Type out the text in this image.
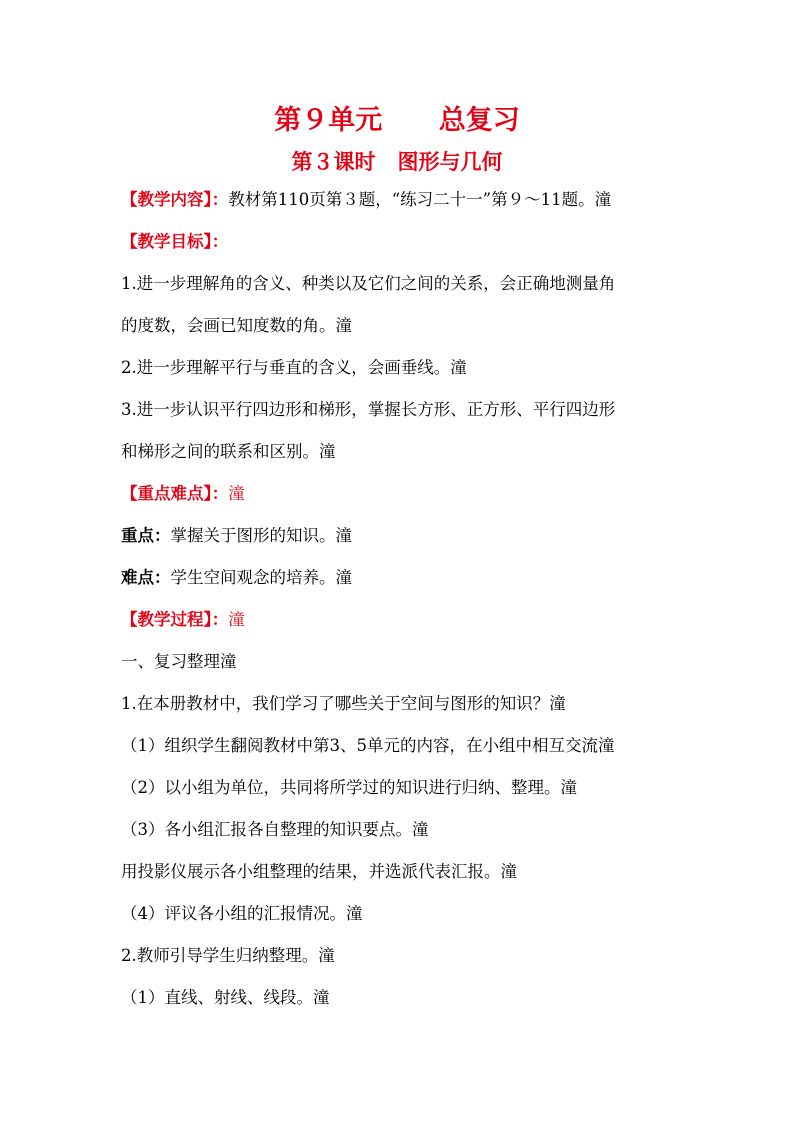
第９单元      总复习
第３课时   图形与几何
【教学内容】：教材第110页第３题，“练习二十一”第９～11题。潼
【教学目标】：
1.进一步理解角的含义、种类以及它们之间的关系，会正确地测量角
的度数，会画已知度数的角。潼
2.进一步理解平行与垂直的含义，会画垂线。潼
3.进一步认识平行四边形和梯形，掌握长方形、正方形、平行四边形
和梯形之间的联系和区别。潼
【重点难点】：潼
重点：掌握关于图形的知识。潼
难点：学生空间观念的培养。潼
【教学过程】：潼
一、复习整理潼
1.在本册教材中，我们学习了哪些关于空间与图形的知识？潼
（1）组织学生翻阅教材中第3、5单元的内容，在小组中相互交流潼
（2）以小组为单位，共同将所学过的知识进行归纳、整理。潼
（3）各小组汇报各自整理的知识要点。潼
用投影仪展示各小组整理的结果，并选派代表汇报。潼
（4）评议各小组的汇报情况。潼
2.教师引导学生归纳整理。潼
（1）直线、射线、线段。潼
